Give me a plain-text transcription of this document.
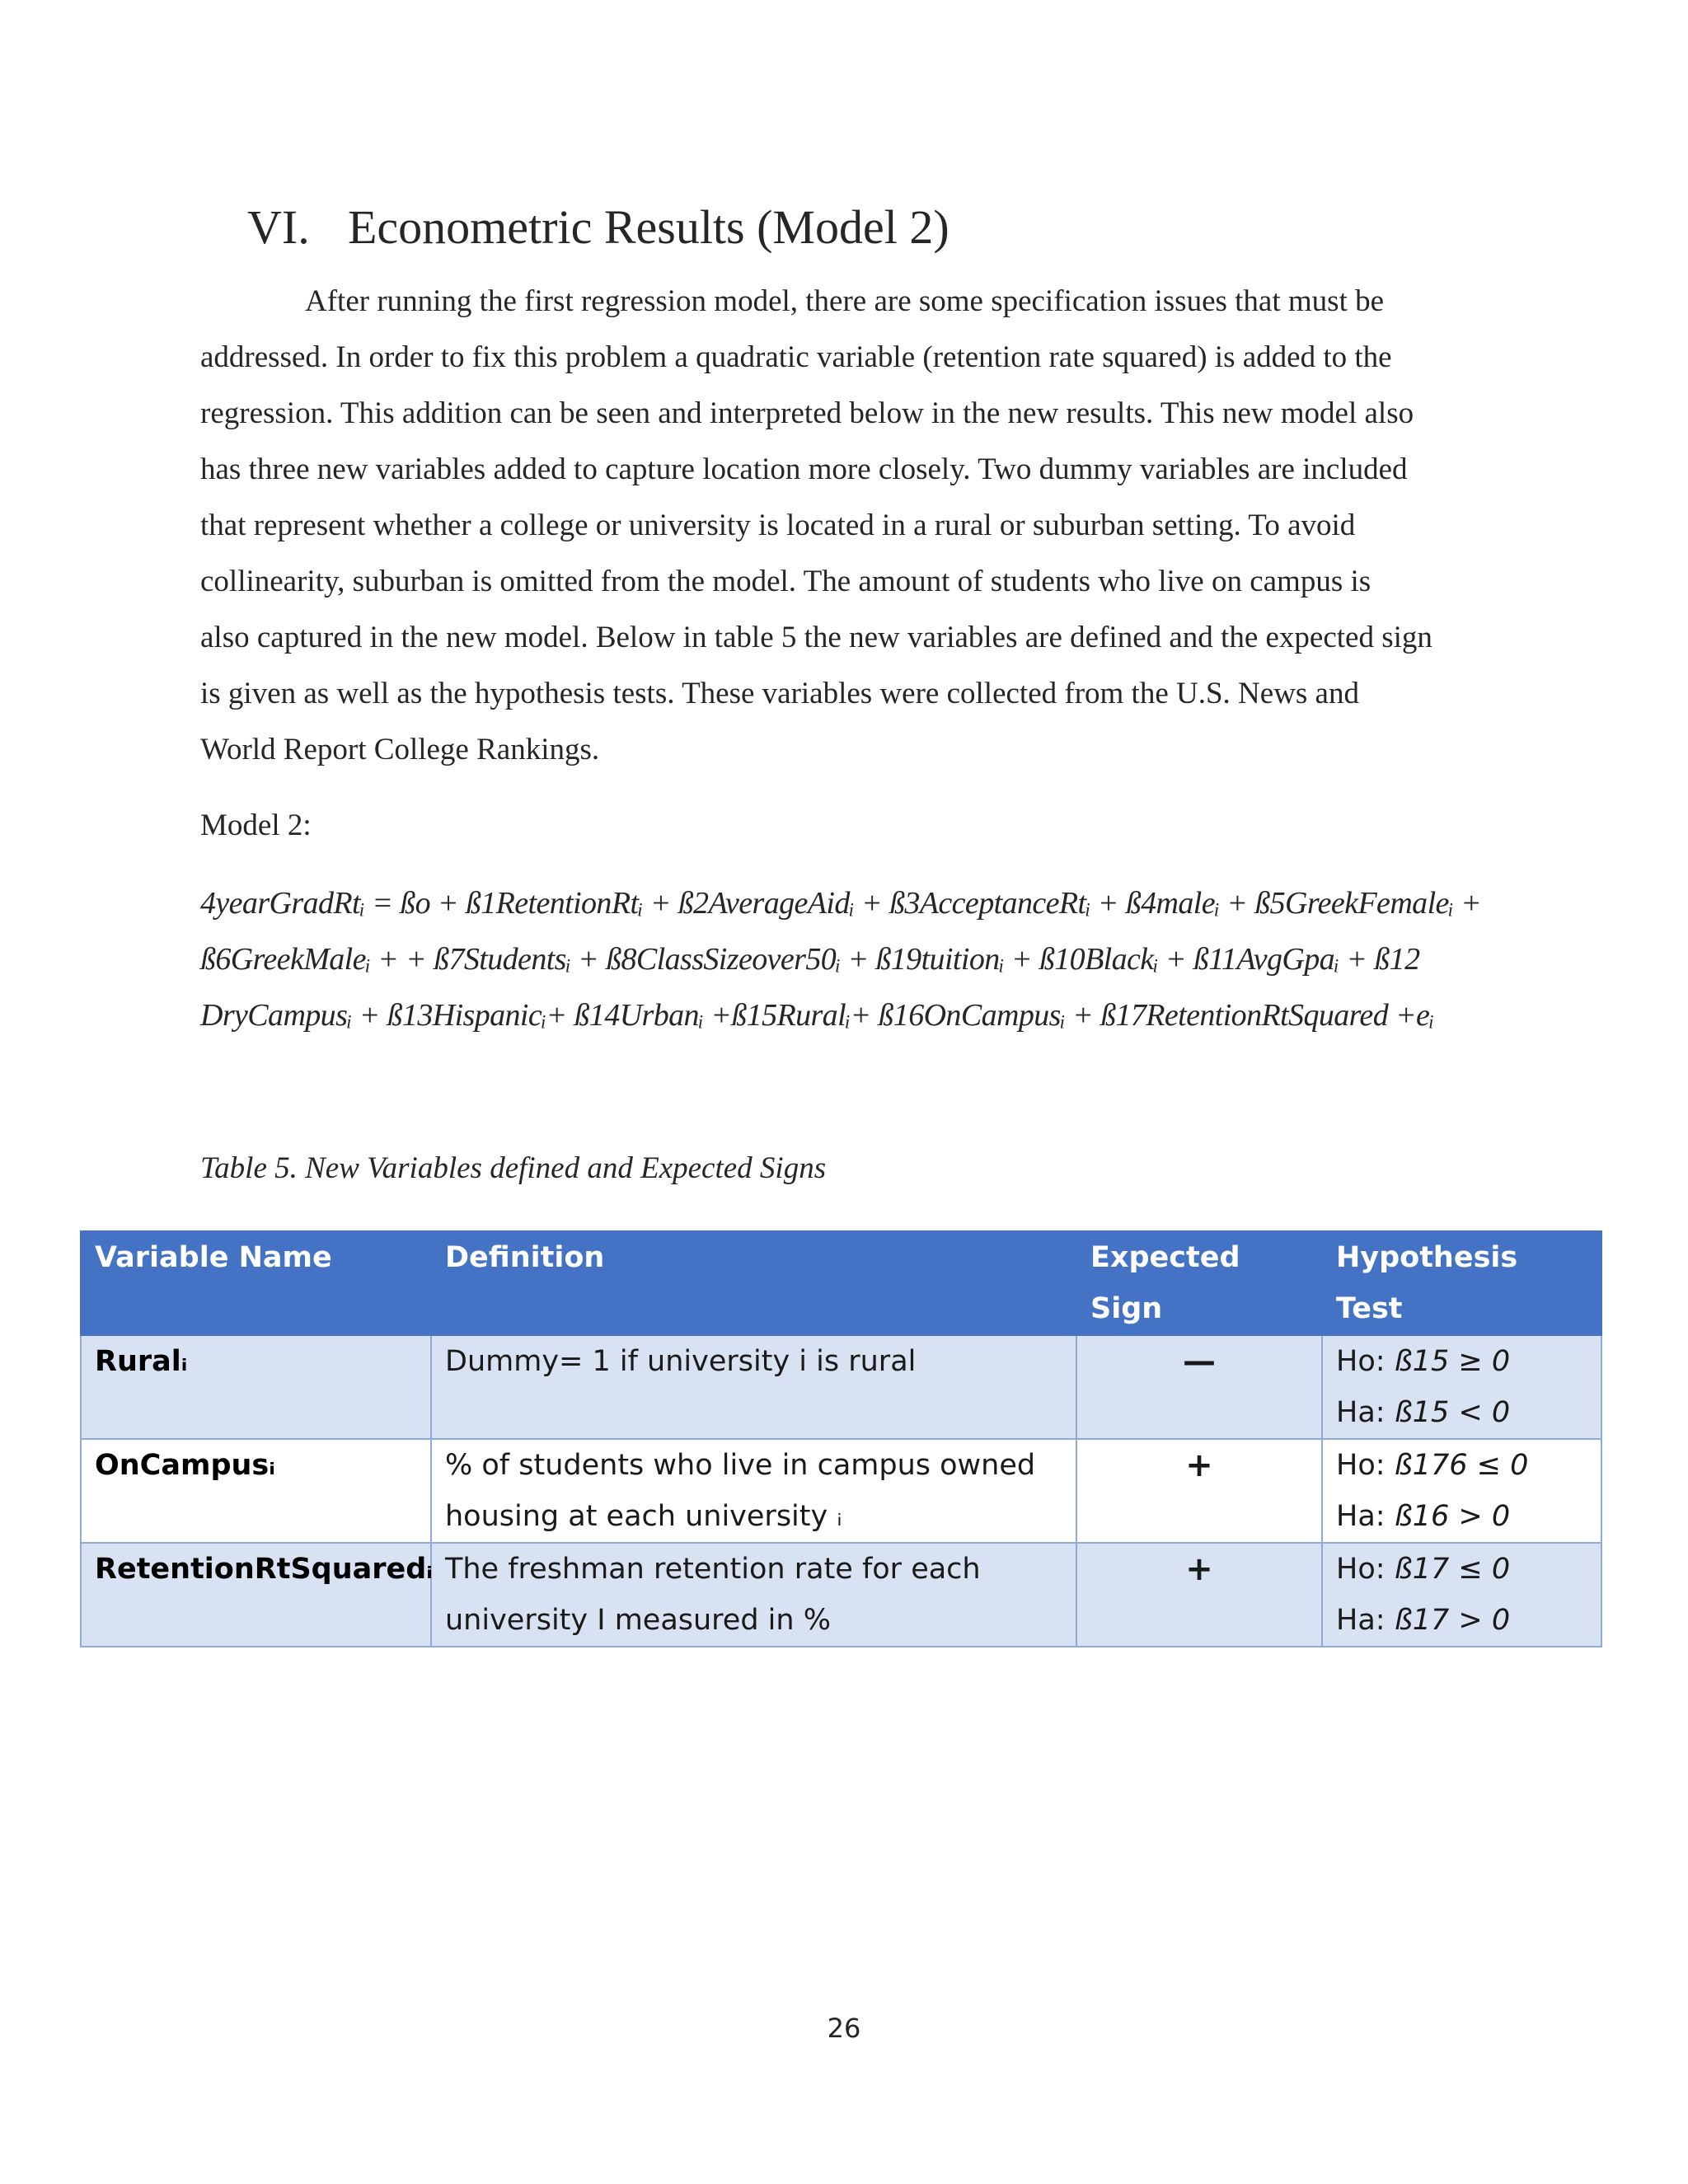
VI. Econometric Results (Model 2)

After running the first regression model, there are some specification issues that must be
addressed. In order to fix this problem a quadratic variable (retention rate squared) is added to the
regression. This addition can be seen and interpreted below in the new results. This new model also
has three new variables added to capture location more closely. Two dummy variables are included
that represent whether a college or university is located in a rural or suburban setting. To avoid
collinearity, suburban is omitted from the model. The amount of students who live on campus is
also captured in the new model. Below in table 5 the new variables are defined and the expected sign
is given as well as the hypothesis tests. These variables were collected from the U.S. News and
World Report College Rankings.

Model 2:

4yearGradRtᵢ = ßo + ß1RetentionRtᵢ + ß2AverageAidᵢ + ß3AcceptanceRtᵢ + ß4maleᵢ + ß5GreekFemaleᵢ +
ß6GreekMaleᵢ + + ß7Studentsᵢ + ß8ClassSizeover50ᵢ + ß19tuitionᵢ + ß10Blackᵢ + ß11AvgGpaᵢ + ß12
DryCampusᵢ + ß13Hispanicᵢ+ ß14Urbanᵢ +ß15Ruralᵢ+ ß16OnCampusᵢ + ß17RetentionRtSquared +eᵢ

Table 5. New Variables defined and Expected Signs

Variable Name	Definition	Expected Sign	Hypothesis Test
Ruralᵢ	Dummy= 1 if university i is rural	—	Ho: ß15 ≥ 0
Ha: ß15 < 0

OnCampusᵢ	% of students who live in campus owned housing at each university ᵢ	+	Ho: ß176 ≤ 0
Ha: ß16 > 0

RetentionRtSquaredᵢ	The freshman retention rate for each university I measured in %	+	Ho: ß17 ≤ 0
Ha: ß17 > 0
26
